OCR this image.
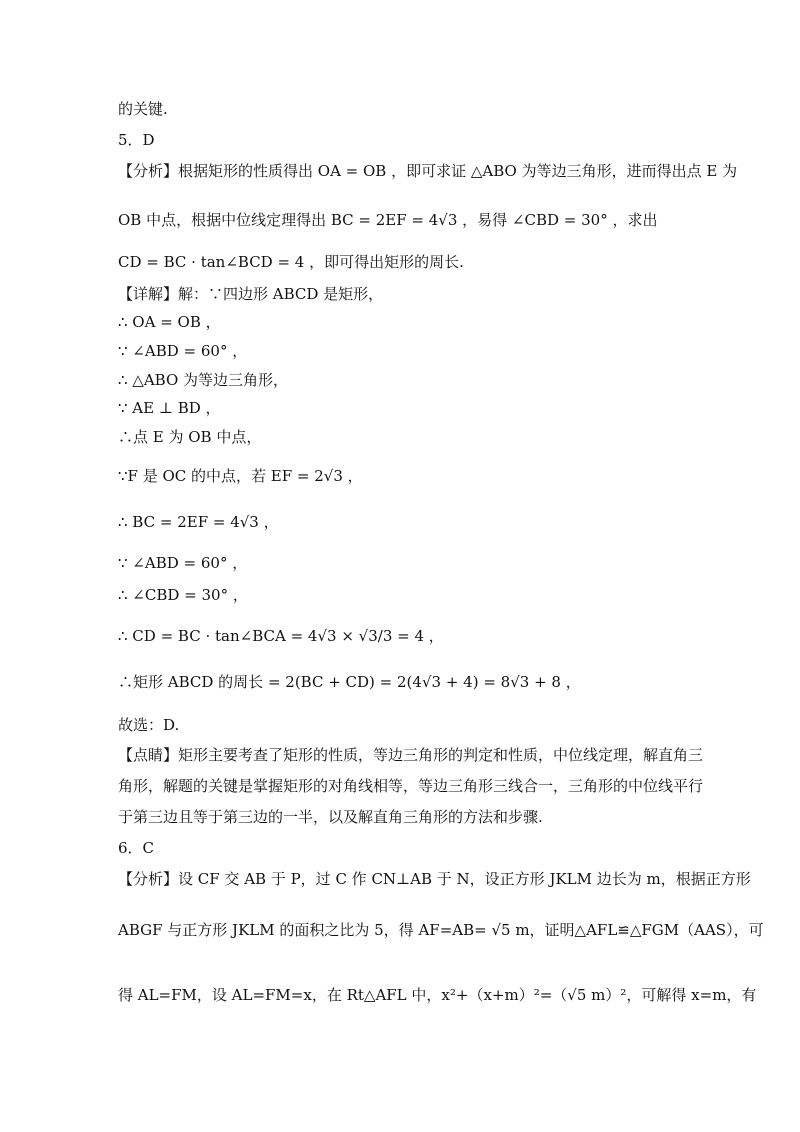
的关键.
5．D
【分析】根据矩形的性质得出 OA = OB ，即可求证 △ABO 为等边三角形，进而得出点 E 为
OB 中点，根据中位线定理得出 BC = 2EF = 4√3 ，易得 ∠CBD = 30° ，求出
CD = BC · tan∠BCD = 4 ，即可得出矩形的周长.
【详解】解：∵四边形 ABCD 是矩形，
∴ OA = OB ，
∵ ∠ABD = 60° ，
∴ △ABO 为等边三角形，
∵ AE ⊥ BD ，
∴点 E 为 OB 中点，
∵F 是 OC 的中点，若 EF = 2√3 ，
∴ BC = 2EF = 4√3 ，
∵ ∠ABD = 60° ，
∴ ∠CBD = 30° ，
∴ CD = BC · tan∠BCA = 4√3 × √3/3 = 4 ，
∴矩形 ABCD 的周长 = 2(BC + CD) = 2(4√3 + 4) = 8√3 + 8 ，
故选：D.
【点睛】矩形主要考查了矩形的性质，等边三角形的判定和性质，中位线定理，解直角三
角形，解题的关键是掌握矩形的对角线相等，等边三角形三线合一，三角形的中位线平行
于第三边且等于第三边的一半，以及解直角三角形的方法和步骤.
6．C
【分析】设 CF 交 AB 于 P，过 C 作 CN⊥AB 于 N，设正方形 JKLM 边长为 m，根据正方形
ABGF 与正方形 JKLM 的面积之比为 5，得 AF=AB= √5 m，证明△AFL≌△FGM（AAS），可
得 AL=FM，设 AL=FM=x，在 Rt△AFL 中，x²+（x+m）²=（√5 m）²，可解得 x=m，有
